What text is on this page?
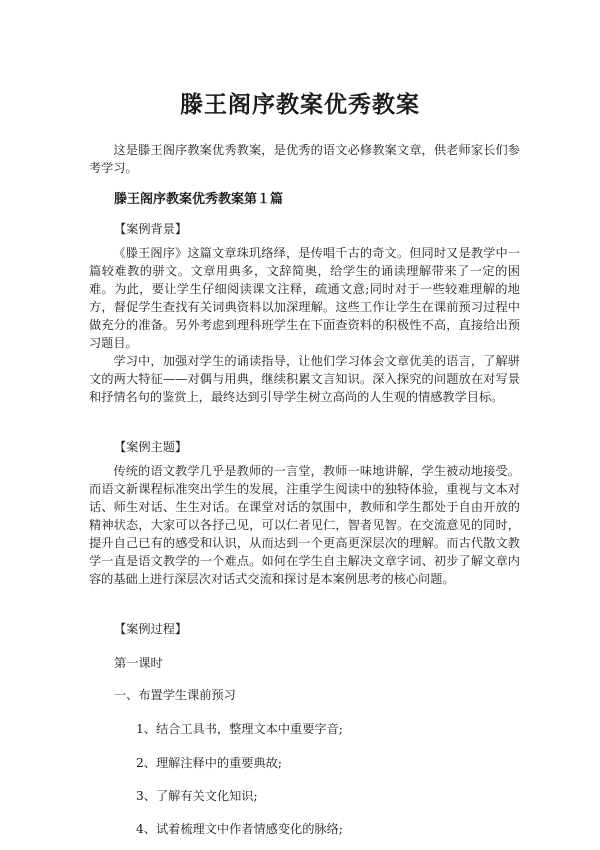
滕王阁序教案优秀教案

这是滕王阁序教案优秀教案，是优秀的语文必修教案文章，供老师家长们参考学习。

滕王阁序教案优秀教案第１篇

【案例背景】

《滕王阁序》这篇文章珠玑络绎，是传唱千古的奇文。但同时又是教学中一篇较难教的骈文。文章用典多，文辞简奥，给学生的诵读理解带来了一定的困难。为此，要让学生仔细阅读课文注释，疏通文意;同时对于一些较难理解的地方，督促学生查找有关词典资料以加深理解。这些工作让学生在课前预习过程中做充分的准备。另外考虑到理科班学生在下面查资料的积极性不高，直接给出预习题目。

学习中，加强对学生的诵读指导，让他们学习体会文章优美的语言，了解骈文的两大特征——对偶与用典，继续积累文言知识。深入探究的问题放在对写景和抒情名句的鉴赏上，最终达到引导学生树立高尚的人生观的情感教学目标。

【案例主题】

传统的语文教学几乎是教师的一言堂，教师一味地讲解，学生被动地接受。而语文新课程标准突出学生的发展，注重学生阅读中的独特体验，重视与文本对话、师生对话、生生对话。在课堂对话的氛围中，教师和学生都处于自由开放的精神状态，大家可以各抒己见，可以仁者见仁，智者见智。在交流意见的同时，提升自己已有的感受和认识，从而达到一个更高更深层次的理解。而古代散文教学一直是语文教学的一个难点。如何在学生自主解决文章字词、初步了解文章内容的基础上进行深层次对话式交流和探讨是本案例思考的核心问题。

【案例过程】

第一课时

一、布置学生课前预习

1、结合工具书，整理文本中重要字音;

2、理解注释中的重要典故;

3、了解有关文化知识;

4、试着梳理文中作者情感变化的脉络;
